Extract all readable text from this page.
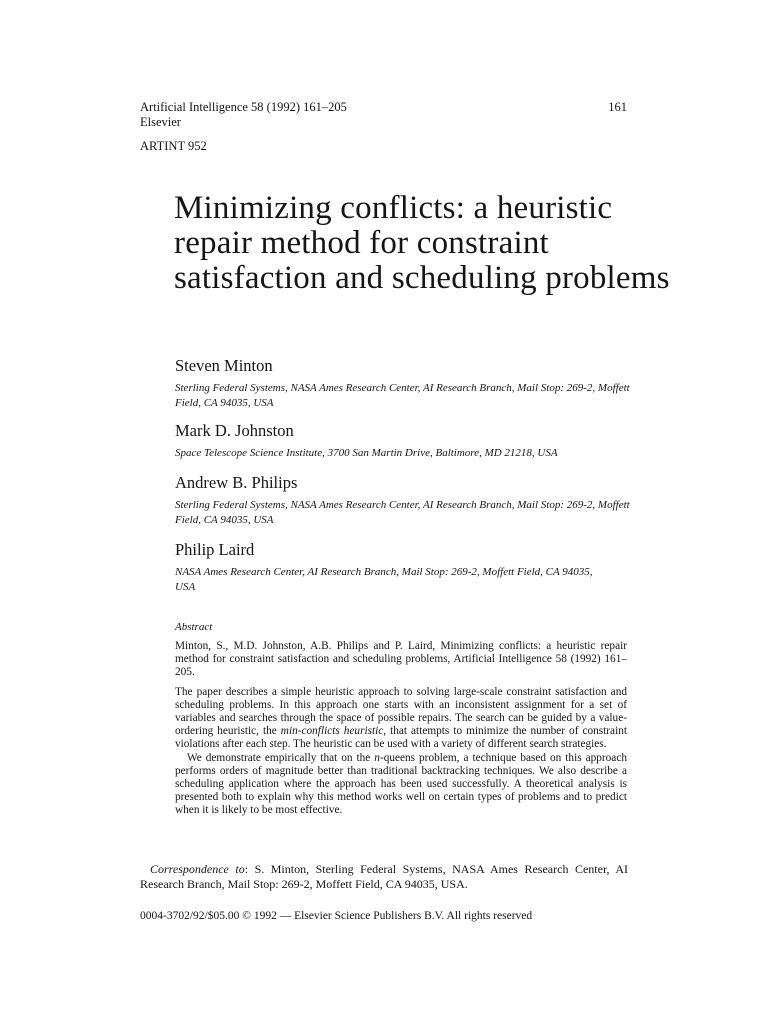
Artificial Intelligence 58 (1992) 161–205
Elsevier
161
ARTINT 952
Minimizing conflicts: a heuristic repair method for constraint satisfaction and scheduling problems
Steven Minton
Sterling Federal Systems, NASA Ames Research Center, AI Research Branch, Mail Stop: 269-2, Moffett Field, CA 94035, USA
Mark D. Johnston
Space Telescope Science Institute, 3700 San Martin Drive, Baltimore, MD 21218, USA
Andrew B. Philips
Sterling Federal Systems, NASA Ames Research Center, AI Research Branch, Mail Stop: 269-2, Moffett Field, CA 94035, USA
Philip Laird
NASA Ames Research Center, AI Research Branch, Mail Stop: 269-2, Moffett Field, CA 94035, USA
Abstract

Minton, S., M.D. Johnston, A.B. Philips and P. Laird, Minimizing conflicts: a heuristic repair method for constraint satisfaction and scheduling problems, Artificial Intelligence 58 (1992) 161–205.

The paper describes a simple heuristic approach to solving large-scale constraint satisfaction and scheduling problems. In this approach one starts with an inconsistent assignment for a set of variables and searches through the space of possible repairs. The search can be guided by a value-ordering heuristic, the min-conflicts heuristic, that attempts to minimize the number of constraint violations after each step. The heuristic can be used with a variety of different search strategies.

We demonstrate empirically that on the n-queens problem, a technique based on this approach performs orders of magnitude better than traditional backtracking techniques. We also describe a scheduling application where the approach has been used successfully. A theoretical analysis is presented both to explain why this method works well on certain types of problems and to predict when it is likely to be most effective.

Correspondence to: S. Minton, Sterling Federal Systems, NASA Ames Research Center, AI Research Branch, Mail Stop: 269-2, Moffett Field, CA 94035, USA.
0004-3702/92/$05.00 © 1992 — Elsevier Science Publishers B.V. All rights reserved
